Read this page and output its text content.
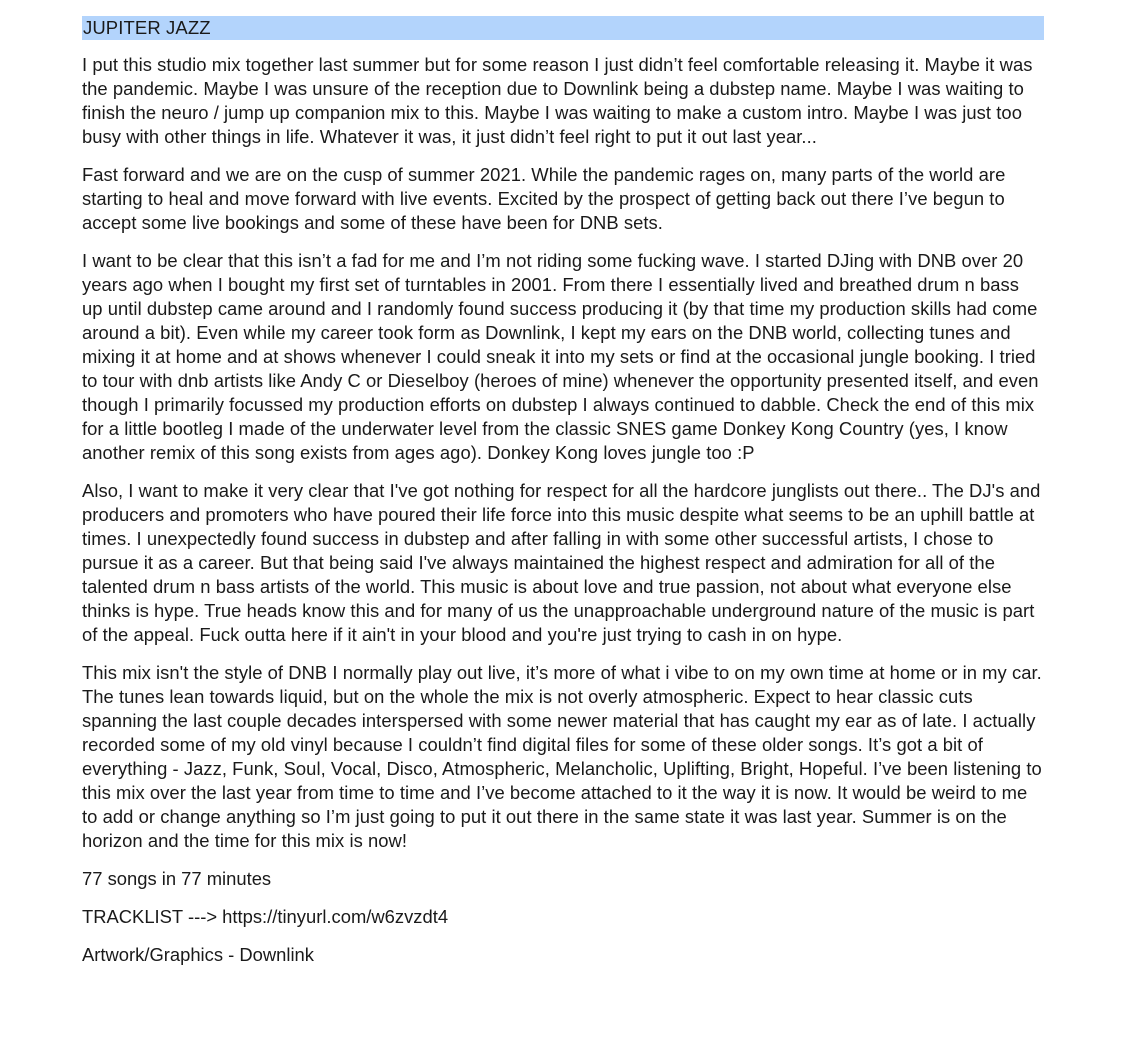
JUPITER JAZZ

I put this studio mix together last summer but for some reason I just didn’t feel comfortable releasing it. Maybe it was the pandemic. Maybe I was unsure of the reception due to Downlink being a dubstep name. Maybe I was waiting to finish the neuro / jump up companion mix to this. Maybe I was waiting to make a custom intro. Maybe I was just too busy with other things in life. Whatever it was, it just didn’t feel right to put it out last year...

Fast forward and we are on the cusp of summer 2021. While the pandemic rages on, many parts of the world are starting to heal and move forward with live events. Excited by the prospect of getting back out there I’ve begun to accept some live bookings and some of these have been for DNB sets.

I want to be clear that this isn’t a fad for me and I’m not riding some fucking wave. I started DJing with DNB over 20 years ago when I bought my first set of turntables in 2001. From there I essentially lived and breathed drum n bass up until dubstep came around and I randomly found success producing it (by that time my production skills had come around a bit). Even while my career took form as Downlink, I kept my ears on the DNB world, collecting tunes and mixing it at home and at shows whenever I could sneak it into my sets or find at the occasional jungle booking. I tried to tour with dnb artists like Andy C or Dieselboy (heroes of mine) whenever the opportunity presented itself, and even though I primarily focussed my production efforts on dubstep I always continued to dabble. Check the end of this mix for a little bootleg I made of the underwater level from the classic SNES game Donkey Kong Country (yes, I know another remix of this song exists from ages ago). Donkey Kong loves jungle too :P

Also, I want to make it very clear that I've got nothing for respect for all the hardcore junglists out there.. The DJ's and producers and promoters who have poured their life force into this music despite what seems to be an uphill battle at times. I unexpectedly found success in dubstep and after falling in with some other successful artists, I chose to pursue it as a career. But that being said I've always maintained the highest respect and admiration for all of the talented drum n bass artists of the world. This music is about love and true passion, not about what everyone else thinks is hype. True heads know this and for many of us the unapproachable underground nature of the music is part of the appeal. Fuck outta here if it ain't in your blood and you're just trying to cash in on hype.

This mix isn't the style of DNB I normally play out live, it’s more of what i vibe to on my own time at home or in my car. The tunes lean towards liquid, but on the whole the mix is not overly atmospheric. Expect to hear classic cuts spanning the last couple decades interspersed with some newer material that has caught my ear as of late. I actually recorded some of my old vinyl because I couldn’t find digital files for some of these older songs. It’s got a bit of everything - Jazz, Funk, Soul, Vocal, Disco, Atmospheric, Melancholic, Uplifting, Bright, Hopeful. I’ve been listening to this mix over the last year from time to time and I’ve become attached to it the way it is now. It would be weird to me to add or change anything so I’m just going to put it out there in the same state it was last year. Summer is on the horizon and the time for this mix is now!

77 songs in 77 minutes

TRACKLIST ---> https://tinyurl.com/w6zvzdt4

Artwork/Graphics - Downlink
